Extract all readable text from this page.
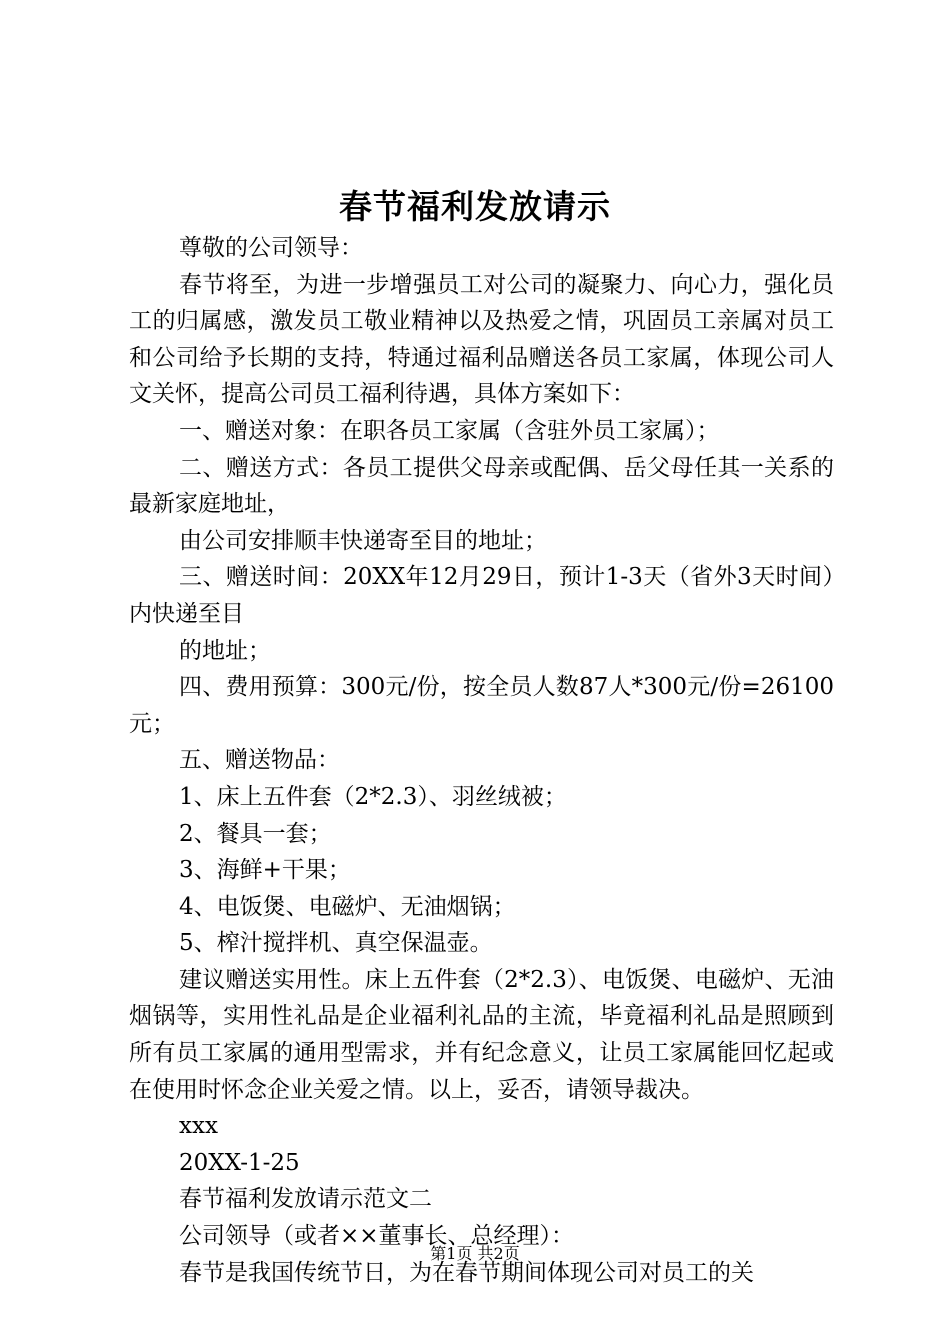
春节福利发放请示

尊敬的公司领导：

春节将至，为进一步增强员工对公司的凝聚力、向心力，强化员工的归属感，激发员工敬业精神以及热爱之情，巩固员工亲属对员工和公司给予长期的支持，特通过福利品赠送各员工家属，体现公司人文关怀，提高公司员工福利待遇，具体方案如下：

一、赠送对象：在职各员工家属（含驻外员工家属）；

二、赠送方式：各员工提供父母亲或配偶、岳父母任其一关系的最新家庭地址，

由公司安排顺丰快递寄至目的地址；

三、赠送时间：20XX年12月29日，预计1-3天（省外3天时间）内快递至目

的地址；

四、费用预算：300元/份，按全员人数87人*300元/份=26100元；

五、赠送物品：

1、床上五件套（2*2.3）、羽丝绒被；

2、餐具一套；

3、海鲜+干果；

4、电饭煲、电磁炉、无油烟锅；

5、榨汁搅拌机、真空保温壶。

建议赠送实用性。床上五件套（2*2.3）、电饭煲、电磁炉、无油烟锅等，实用性礼品是企业福利礼品的主流，毕竟福利礼品是照顾到所有员工家属的通用型需求，并有纪念意义，让员工家属能回忆起或在使用时怀念企业关爱之情。以上，妥否，请领导裁决。

xxx

20XX-1-25

春节福利发放请示范文二

公司领导（或者××董事长、总经理）：

春节是我国传统节日，为在春节期间体现公司对员工的关

第1页 共2页
